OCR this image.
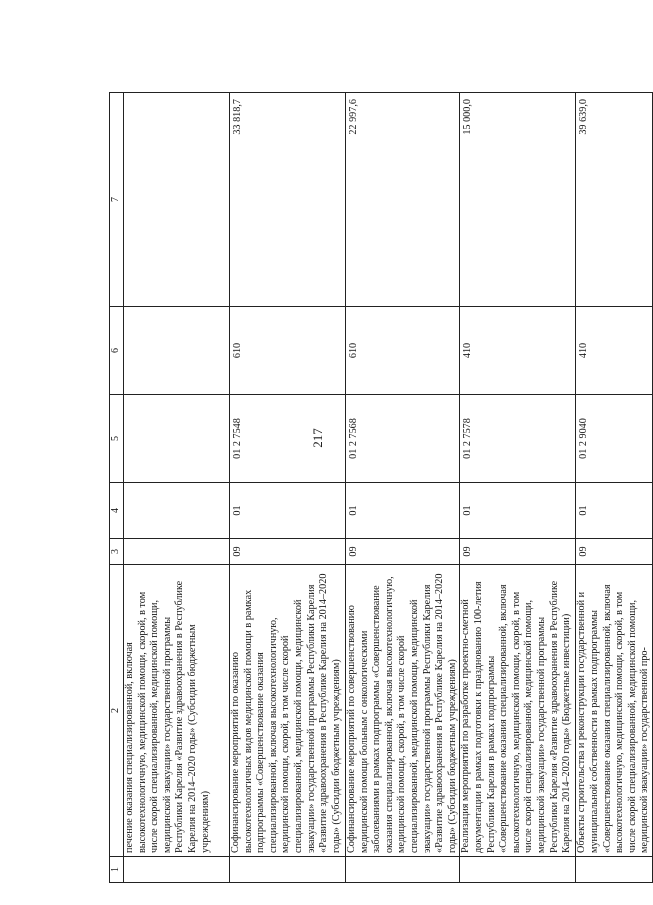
217
1	2	3	4	5	6	7
	печение оказания специализированной, включая высокотехнологичную, медицинской помощи, скорой, в том числе скорой специализированной, медицинской помощи, медицинской эвакуации» государственной программы Республики Карелия «Развитие здравоохранения в Республике Карелия на 2014–2020 годы» (Субсидии бюджетным учреждениям)					
	Софинансирование мероприятий по оказанию высокотехнологичных видов медицинской помощи в рамках подпрограммы «Совершенствование оказания специализированной, включая высокотехнологичную, медицинской помощи, скорой, в том числе скорой специализированной, медицинской помощи, медицинской эвакуации» государственной программы Республики Карелия «Развитие здравоохранения в Республике Карелия на 2014–2020 годы» (Субсидии бюджетным учреждениям)	09	01	01 2 7548	610	33 818,7
	Софинансирование мероприятий по совершенствованию медицинской помощи больным с онкологическими заболеваниями в рамках подпрограммы «Совершенствование оказания специализированной, включая высокотехнологичную, медицинской помощи, скорой, в том числе скорой специализированной, медицинской помощи, медицинской эвакуации» государственной программы Республики Карелия «Развитие здравоохранения в Республике Карелия на 2014–2020 годы» (Субсидии бюджетным учреждениям)	09	01	01 2 7568	610	22 997,6
	Реализация мероприятий по разработке проектно-сметной документации в рамках подготовки к празднованию 100-летия Республики Карелия в рамках подпрограммы «Совершенствование оказания специализированной, включая высокотехнологичную, медицинской помощи, скорой, в том числе скорой специализированной, медицинской помощи, медицинской эвакуации» государственной программы Республики Карелия «Развитие здравоохранения в Республике Карелия на 2014–2020 годы» (Бюджетные инвестиции)	09	01	01 2 7578	410	15 000,0
	Объекты строительства и реконструкции государственной и муниципальной собственности в рамках подпрограммы «Совершенствование оказания специализированной, включая высокотехнологичную, медицинской помощи, скорой, в том числе скорой специализированной, медицинской помощи, медицинской эвакуации» государственной про-	09	01	01 2 9040	410	39 639,0
